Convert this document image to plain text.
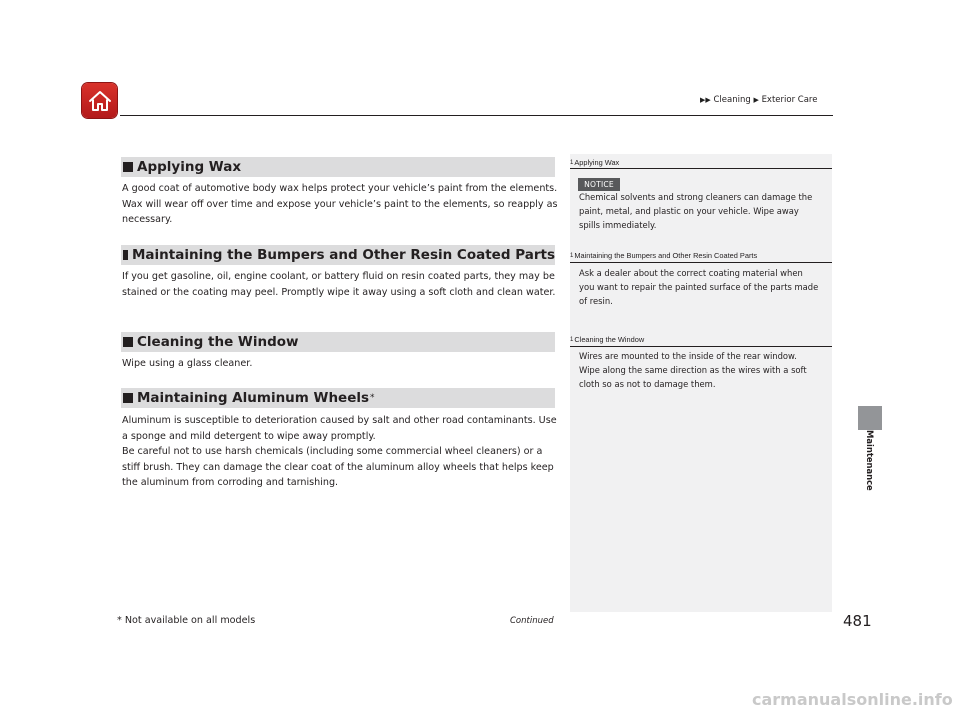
▶▶ Cleaning ▶ Exterior Care
Applying Wax

A good coat of automotive body wax helps protect your vehicle’s paint from the elements. Wax will wear off over time and expose your vehicle’s paint to the elements, so reapply as necessary.

Maintaining the Bumpers and Other Resin Coated Parts

If you get gasoline, oil, engine coolant, or battery fluid on resin coated parts, they may be stained or the coating may peel. Promptly wipe it away using a soft cloth and clean water.

Cleaning the Window

Wipe using a glass cleaner.

Maintaining Aluminum Wheels *

Aluminum is susceptible to deterioration caused by salt and other road contaminants. Use a sponge and mild detergent to wipe away promptly.

Be careful not to use harsh chemicals (including some commercial wheel cleaners) or a stiff brush. They can damage the clear coat of the aluminum alloy wheels that helps keep the aluminum from corroding and tarnishing.

1Applying Wax
NOTICE
Chemical solvents and strong cleaners can damage the paint, metal, and plastic on your vehicle. Wipe away spills immediately.
1Maintaining the Bumpers and Other Resin Coated Parts
Ask a dealer about the correct coating material when you want to repair the painted surface of the parts made of resin.
1Cleaning the Window
Wires are mounted to the inside of the rear window. Wipe along the same direction as the wires with a soft cloth so as not to damage them.
Maintenance
* Not available on all models	Continued	481
carmanualsonline.info
